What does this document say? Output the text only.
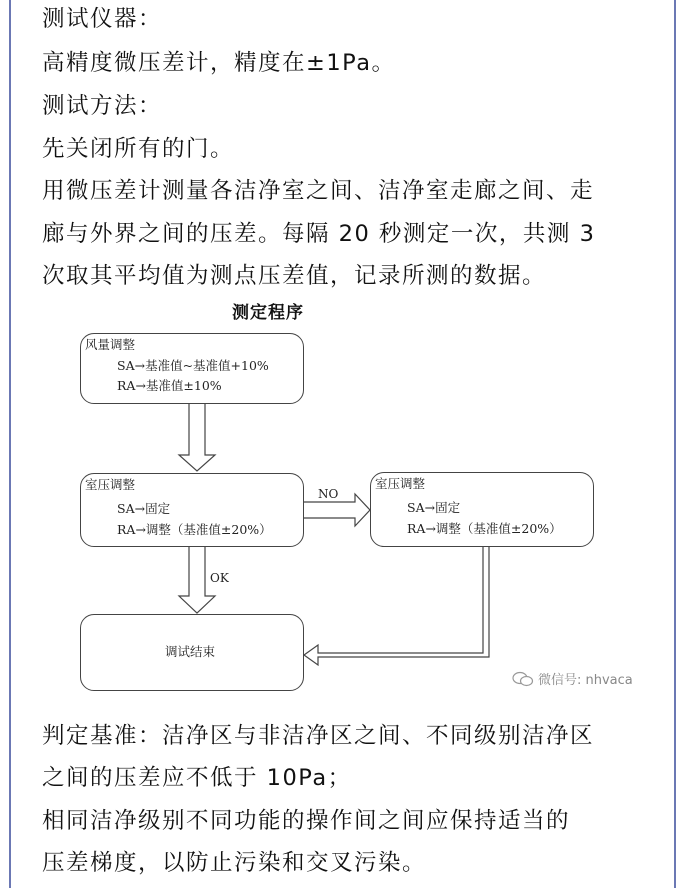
测试仪器：
高精度微压差计，精度在±1Pa。
测试方法：
先关闭所有的门。
用微压差计测量各洁净室之间、洁净室走廊之间、走
廊与外界之间的压差。每隔 20 秒测定一次，共测 3
次取其平均值为测点压差值，记录所测的数据。
测定程序
风量调整
SA→基准值~基准值+10%
RA→基准值±10%
室压调整
SA→固定
RA→调整（基准值±20%）
室压调整
SA→固定
RA→调整（基准值±20%）
调试结束
NO
OK
微信号: nhvaca
判定基准：洁净区与非洁净区之间、不同级别洁净区
之间的压差应不低于 10Pa；
相同洁净级别不同功能的操作间之间应保持适当的
压差梯度，以防止污染和交叉污染。
